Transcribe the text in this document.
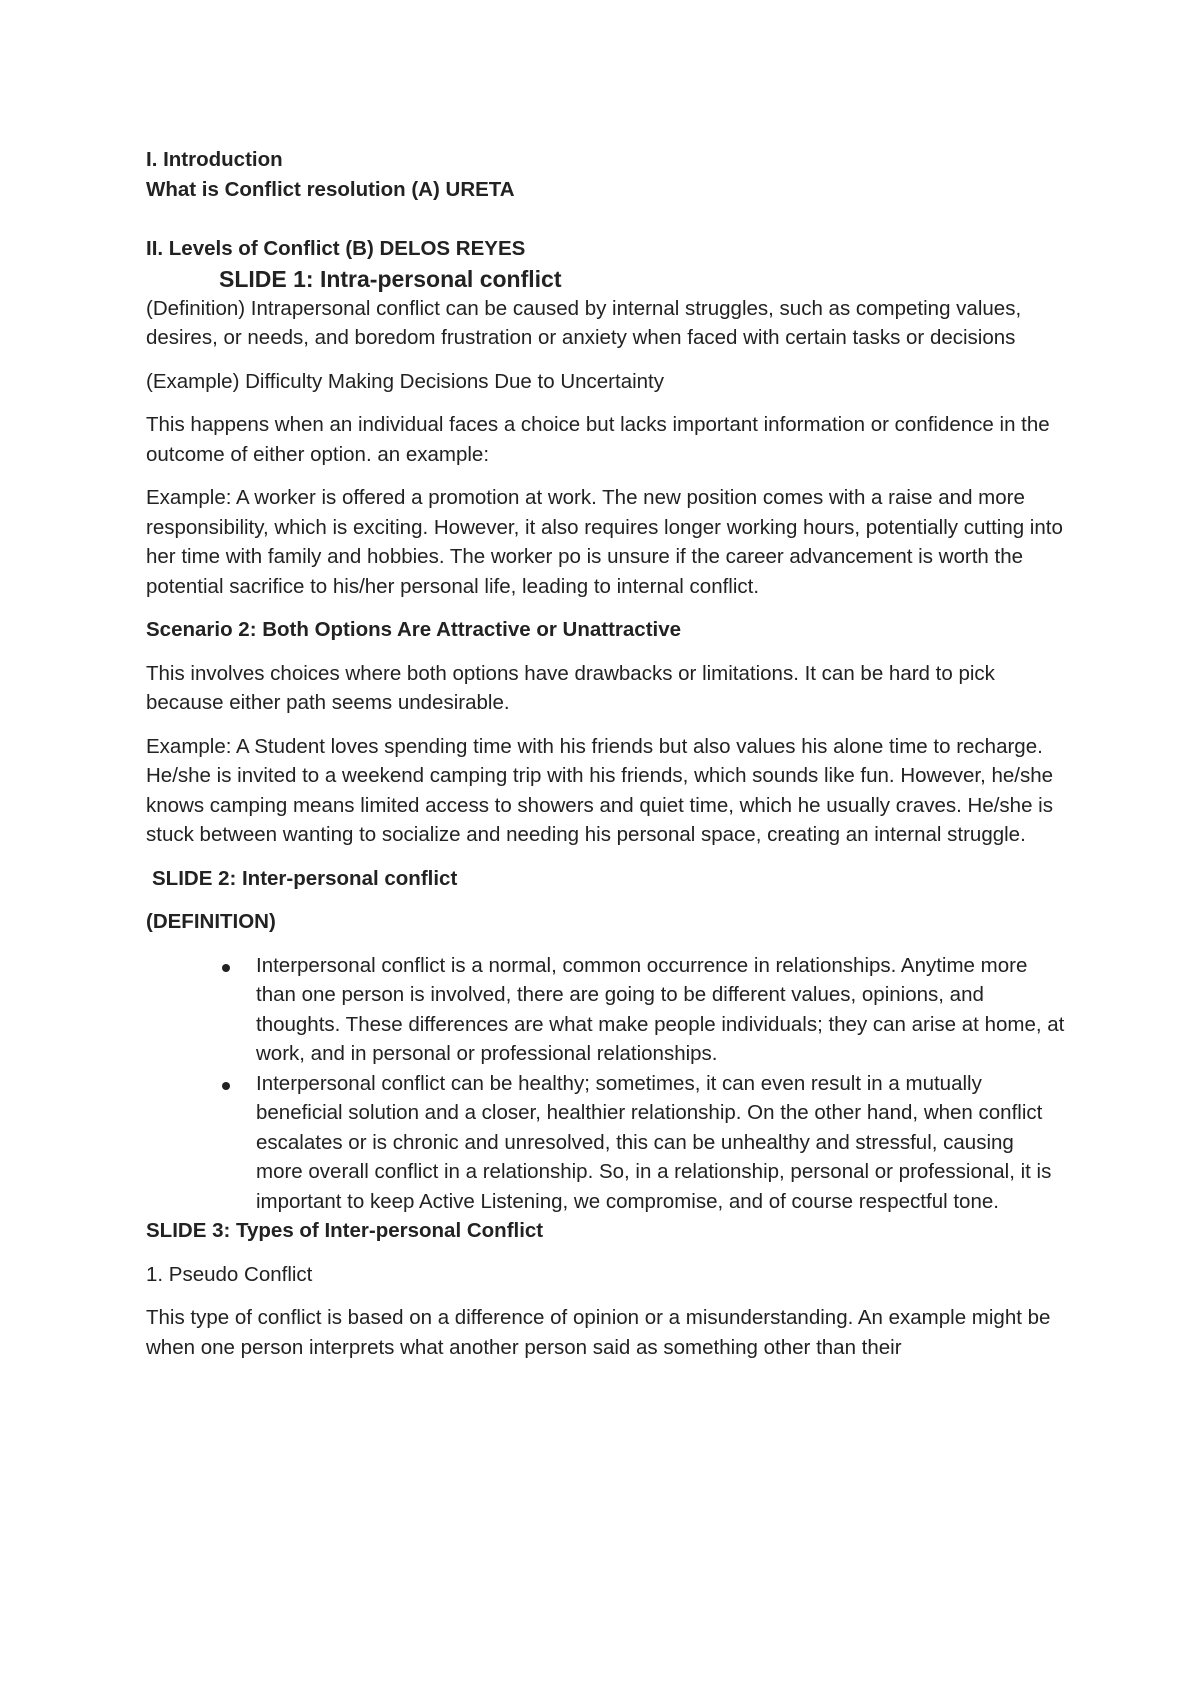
I. Introduction

What is Conflict resolution (A) URETA

II. Levels of Conflict (B) DELOS REYES

SLIDE 1: Intra-personal conflict

(Definition) Intrapersonal conflict can be caused by internal struggles, such as competing values, desires, or needs, and boredom frustration or anxiety when faced with certain tasks or decisions

(Example) Difficulty Making Decisions Due to Uncertainty

This happens when an individual faces a choice but lacks important information or confidence in the outcome of either option. an example:

Example: A worker is offered a promotion at work. The new position comes with a raise and more responsibility, which is exciting. However, it also requires longer working hours, potentially cutting into her time with family and hobbies. The worker po is unsure if the career advancement is worth the potential sacrifice to his/her personal life, leading to internal conflict.

Scenario 2: Both Options Are Attractive or Unattractive

This involves choices where both options have drawbacks or limitations. It can be hard to pick because either path seems undesirable.

Example: A Student loves spending time with his friends but also values his alone time to recharge. He/she is invited to a weekend camping trip with his friends, which sounds like fun. However, he/she knows camping means limited access to showers and quiet time, which he usually craves. He/she is stuck between wanting to socialize and needing his personal space, creating an internal struggle.

SLIDE 2: Inter-personal conflict

(DEFINITION)

Interpersonal conflict is a normal, common occurrence in relationships. Anytime more than one person is involved, there are going to be different values, opinions, and thoughts. These differences are what make people individuals; they can arise at home, at work, and in personal or professional relationships.
Interpersonal conflict can be healthy; sometimes, it can even result in a mutually beneficial solution and a closer, healthier relationship. On the other hand, when conflict escalates or is chronic and unresolved, this can be unhealthy and stressful, causing more overall conflict in a relationship. So, in a relationship, personal or professional, it is important to keep Active Listening, we compromise, and of course respectful tone.

SLIDE 3: Types of Inter-personal Conflict

1. Pseudo Conflict

This type of conflict is based on a difference of opinion or a misunderstanding. An example might be when one person interprets what another person said as something other than their
